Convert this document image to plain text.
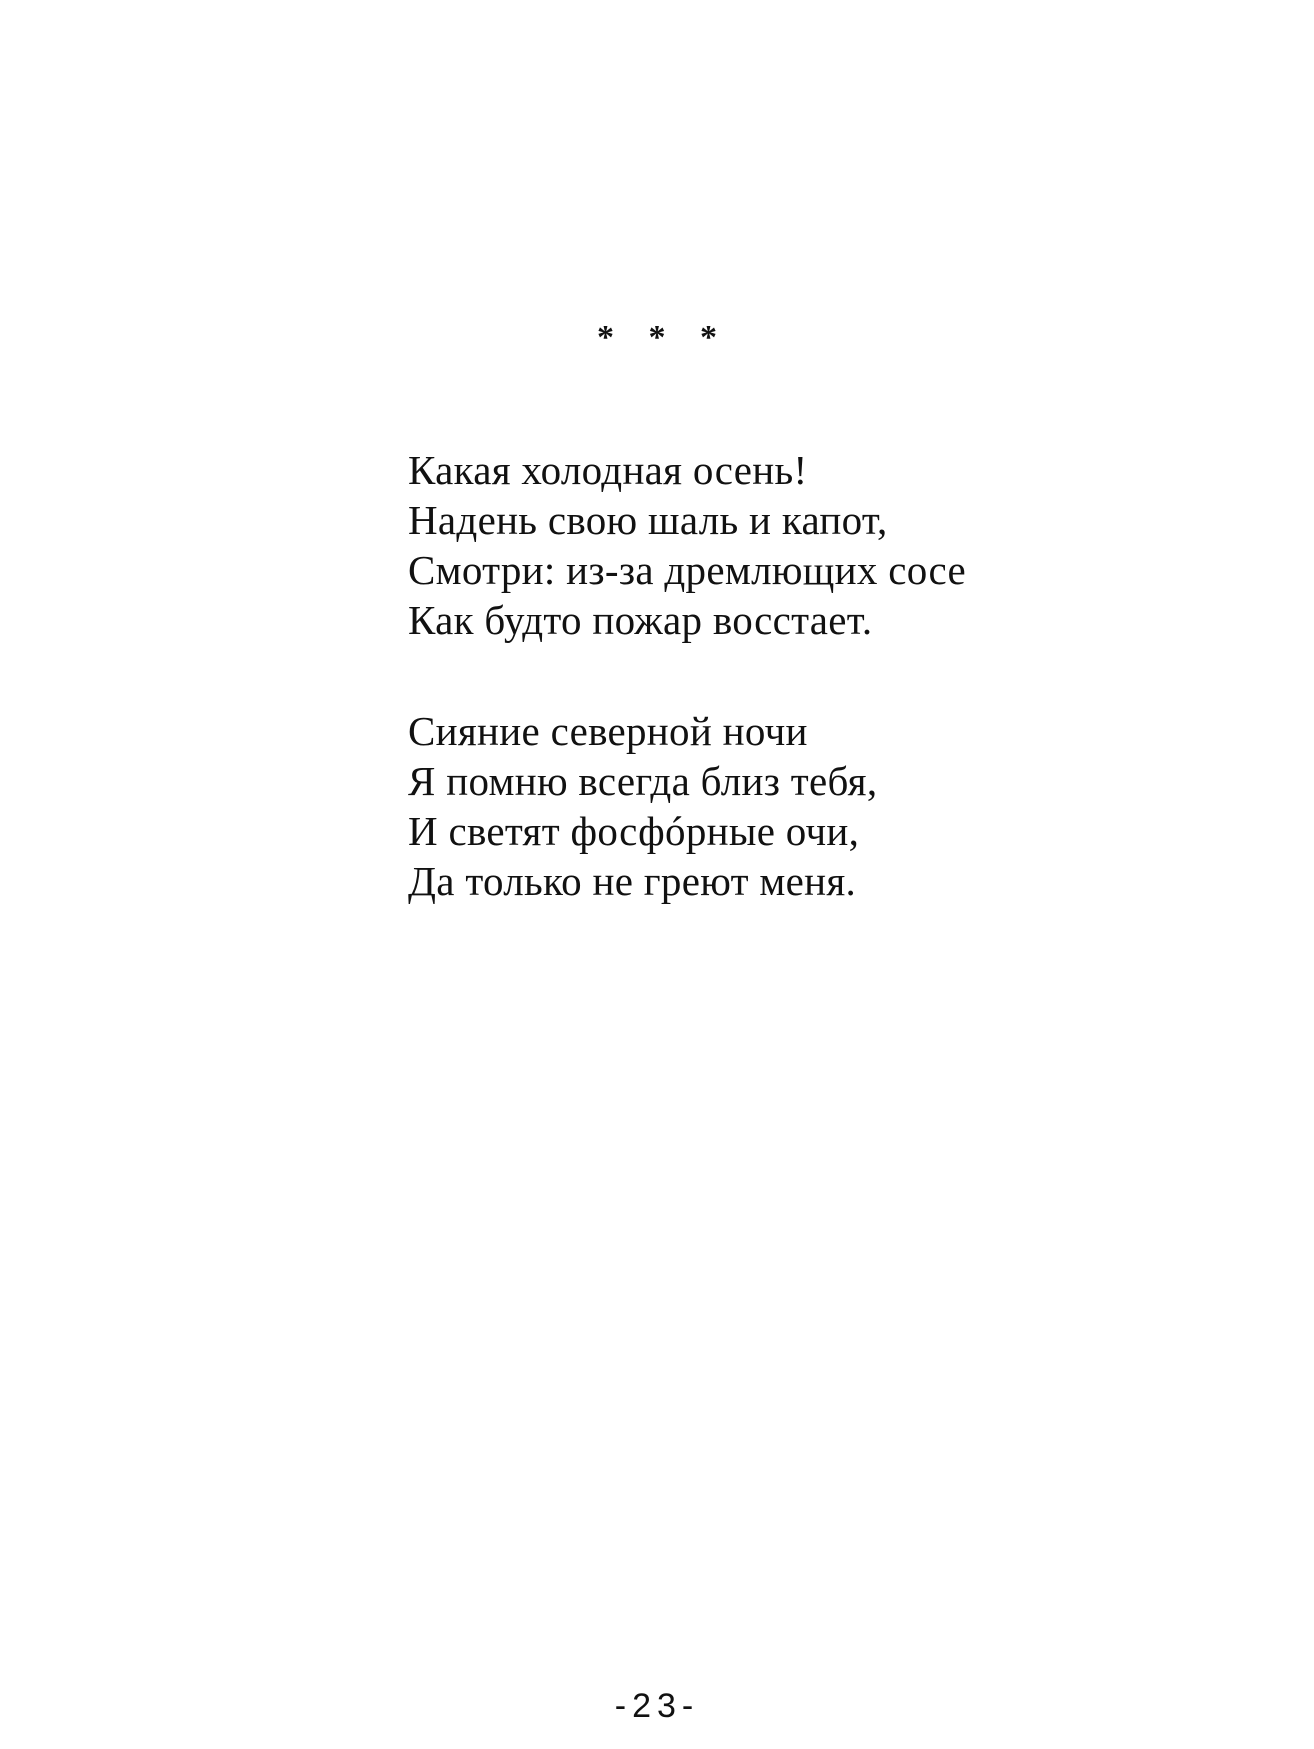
* * *
Какая холодная осень!
Надень свою шаль и капот,
Смотри: из-за дремлющих сосе
Как будто пожар восстает.
Сияние северной ночи
Я помню всегда близ тебя,
И светят фосфóрные очи,
Да только не греют меня.
-23-
